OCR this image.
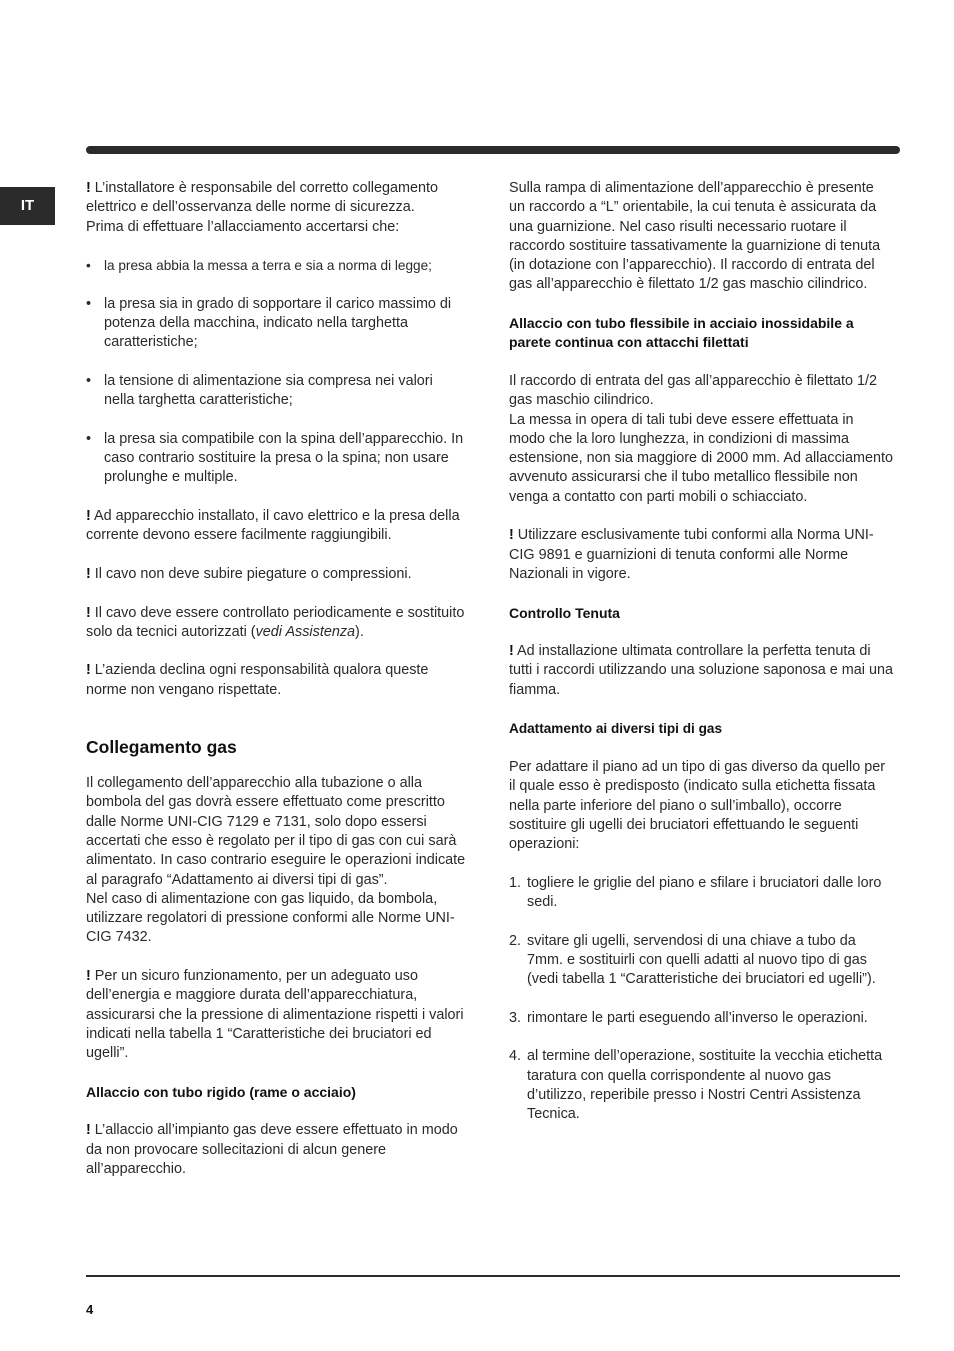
IT

! L’installatore è responsabile del corretto collegamento elettrico e dell’osservanza delle norme di sicurezza.

Prima di effettuare l’allacciamento accertarsi che:

• la presa abbia la messa a terra e sia a norma di legge;

• la presa sia in grado di sopportare il carico massimo di potenza della macchina, indicato nella targhetta caratteristiche;

• la tensione di alimentazione sia compresa nei valori nella targhetta caratteristiche;

• la presa sia compatibile con la spina dell’apparecchio. In caso contrario sostituire la presa o la spina; non usare prolunghe e multiple.

! Ad apparecchio installato, il cavo elettrico e la presa della corrente devono essere facilmente raggiungibili.

! Il cavo non deve subire piegature o compressioni.

! Il cavo deve essere controllato periodicamente e sostituito solo da tecnici autorizzati (vedi Assistenza).

! L’azienda declina ogni responsabilità qualora queste norme non vengano rispettate.

Collegamento gas

Il collegamento dell’apparecchio alla tubazione o alla bombola del gas dovrà essere effettuato come prescritto dalle Norme UNI-CIG 7129 e 7131, solo dopo essersi accertati che esso è regolato per il tipo di gas con cui sarà alimentato. In caso contrario eseguire le operazioni indicate al paragrafo “Adattamento ai diversi tipi di gas”.

Nel caso di alimentazione con gas liquido, da bombola, utilizzare regolatori di pressione conformi alle Norme UNI-CIG 7432.

! Per un sicuro funzionamento, per un adeguato uso dell’energia e maggiore durata dell’apparecchiatura, assicurarsi che la pressione di alimentazione rispetti i valori indicati nella tabella 1 “Caratteristiche dei bruciatori ed ugelli”.

Allaccio con tubo rigido (rame o acciaio)

! L’allaccio all’impianto gas deve essere effettuato in modo da non provocare sollecitazioni di alcun genere all’apparecchio.

Sulla rampa di alimentazione dell’apparecchio è presente un raccordo a “L” orientabile, la cui tenuta è assicurata da una guarnizione. Nel caso risulti necessario ruotare il raccordo sostituire tassativamente la guarnizione di tenuta (in dotazione con l’apparecchio). Il raccordo di entrata del gas all’apparecchio è filettato 1/2 gas maschio cilindrico.

Allaccio con tubo flessibile in acciaio inossidabile a parete continua con attacchi filettati

Il raccordo di entrata del gas all’apparecchio è filettato 1/2 gas maschio cilindrico.

La messa in opera di tali tubi deve essere effettuata in modo che la loro lunghezza, in condizioni di massima estensione, non sia maggiore di 2000 mm. Ad allacciamento avvenuto assicurarsi che il tubo metallico flessibile non venga a contatto con parti mobili o schiacciato.

! Utilizzare esclusivamente tubi conformi alla Norma UNI-CIG 9891 e guarnizioni di tenuta conformi alle Norme Nazionali in vigore.

Controllo Tenuta

! Ad installazione ultimata controllare la perfetta tenuta di tutti i raccordi utilizzando una soluzione saponosa e mai una fiamma.

Adattamento ai diversi tipi di gas

Per adattare il piano ad un tipo di gas diverso da quello per il quale esso è predisposto (indicato sulla etichetta fissata nella parte inferiore del piano o sull’imballo), occorre sostituire gli ugelli dei bruciatori effettuando le seguenti operazioni:

1. togliere le griglie del piano e sfilare i bruciatori dalle loro sedi.

2. svitare gli ugelli, servendosi di una chiave a tubo da 7mm. e sostituirli con quelli adatti al nuovo tipo di gas (vedi tabella 1 “Caratteristiche dei bruciatori ed ugelli”).

3. rimontare le parti eseguendo all’inverso le operazioni.

4. al termine dell’operazione, sostituite la vecchia etichetta taratura con quella corrispondente al nuovo gas d’utilizzo, reperibile presso i Nostri Centri Assistenza Tecnica.

4
